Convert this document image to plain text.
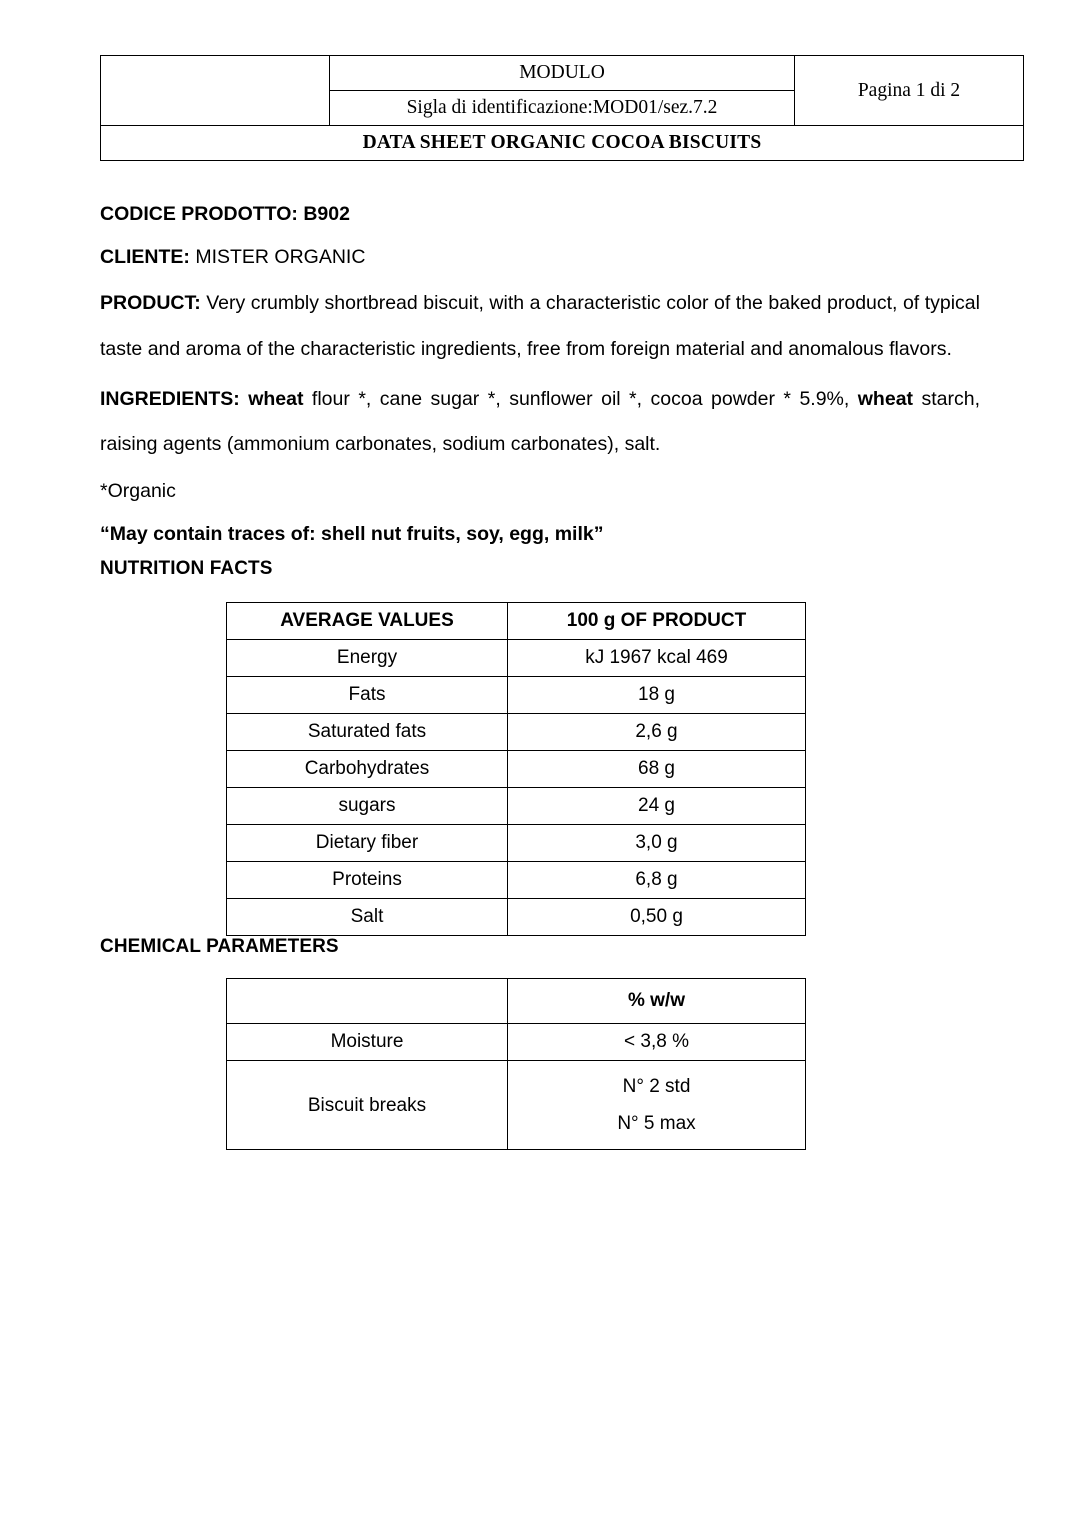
	MODULO	Pagina 1 di 2
Sigla di identificazione:MOD01/sez.7.2
DATA SHEET ORGANIC COCOA BISCUITS

CODICE PRODOTTO: B902

CLIENTE: MISTER ORGANIC

PRODUCT: Very crumbly shortbread biscuit, with a characteristic color of the baked product, of typical taste and aroma of the characteristic ingredients, free from foreign material and anomalous flavors.

INGREDIENTS: wheat flour *, cane sugar *, sunflower oil *, cocoa powder * 5.9%, wheat starch, raising agents (ammonium carbonates, sodium carbonates), salt.

*Organic

“May contain traces of: shell nut fruits, soy, egg, milk”

NUTRITION FACTS
AVERAGE VALUES	100 g OF PRODUCT
Energy	kJ 1967 kcal 469
Fats	18 g
Saturated fats	2,6 g
Carbohydrates	68 g
sugars	24 g
Dietary fiber	3,0 g
Proteins	6,8 g
Salt	0,50 g
CHEMICAL PARAMETERS
	% w/w
Moisture	< 3,8 %
Biscuit breaks	N° 2 std
N° 5 max
